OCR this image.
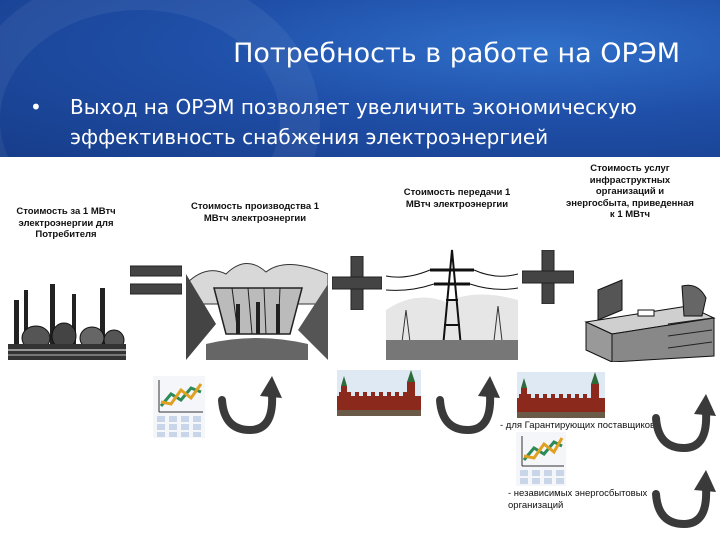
Потребность в работе на ОРЭМ
• Выход на ОРЭМ позволяет увеличить экономическую эффективность снабжения электроэнергией
Стоимость за 1 МВтч электроэнергии для Потребителя
Стоимость производства 1 МВтч электроэнергии
Стоимость передачи 1 МВтч электроэнергии
Стоимость услуг инфраструктных организаций и энергосбыта, приведенная к 1 МВтч
- для Гарантирующих поставщиков
- независимых энергосбытовых организаций
